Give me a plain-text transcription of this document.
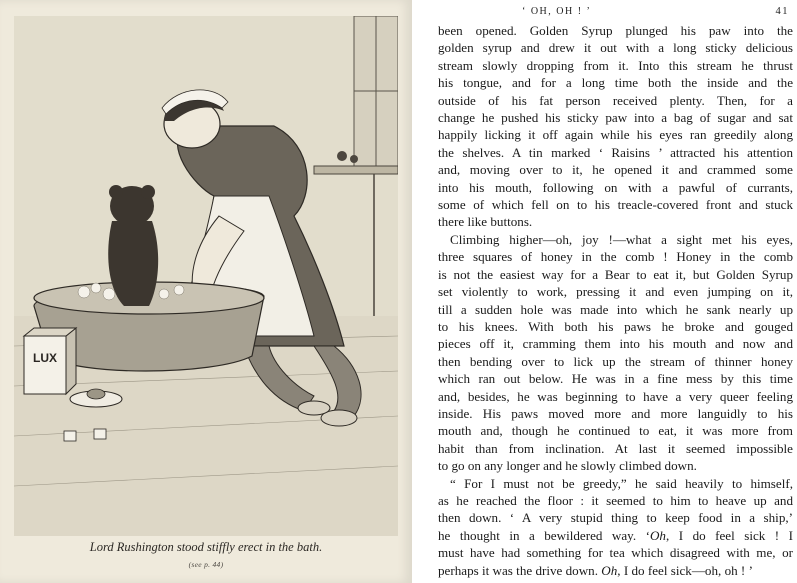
LUX
Lord Rushington stood stiffly erect in the bath.
(see p. 44)
‘ OH, OH ! ’	41
been opened. Golden Syrup plunged his paw into the
golden syrup and drew it out with a long sticky delicious
stream slowly dropping from it. Into this stream he thrust
his tongue, and for a long time both the inside and the
outside of his fat person received plenty. Then, for a
change he pushed his sticky paw into a bag of sugar and sat
happily licking it off again while his eyes ran greedily along
the shelves. A tin marked ‘ Raisins ’ attracted his attention
and, moving over to it, he opened it and crammed some
into his mouth, following on with a pawful of currants,
some of which fell on to his treacle-covered front and stuck
there like buttons.
Climbing higher—oh, joy !—what a sight met his eyes,
three squares of honey in the comb ! Honey in the comb
is not the easiest way for a Bear to eat it, but Golden Syrup
set violently to work, pressing it and even jumping on it,
till a sudden hole was made into which he sank nearly up
to his knees. With both his paws he broke and gouged
pieces off it, cramming them into his mouth and now and
then bending over to lick up the stream of thinner honey
which ran out below. He was in a fine mess by this time
and, besides, he was beginning to have a very queer feeling
inside. His paws moved more and more languidly to his
mouth and, though he continued to eat, it was more from
habit than from inclination. At last it seemed impossible
to go on any longer and he slowly climbed down.
“ For I must not be greedy,” he said heavily to himself,
as he reached the floor : it seemed to him to heave up and
then down. ‘ A very stupid thing to keep food in a ship,’
he thought in a bewildered way. ‘Oh, I do feel sick ! I
must have had something for tea which disagreed with me, or
perhaps it was the drive down. Oh, I do feel sick—oh, oh ! ’
